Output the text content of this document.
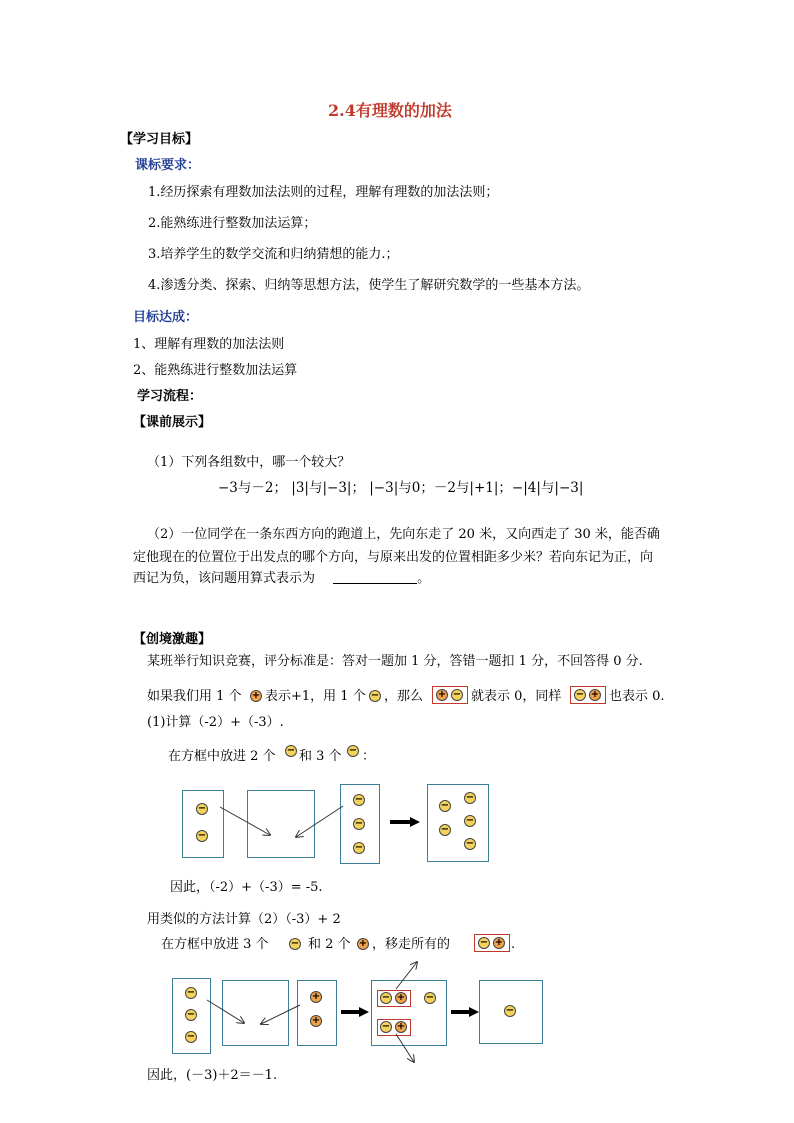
2.4有理数的加法
【学习目标】
课标要求：
1.经历探索有理数加法法则的过程，理解有理数的加法法则；
2.能熟练进行整数加法运算；
3.培养学生的数学交流和归纳猜想的能力.；
4.渗透分类、探索、归纳等思想方法，使学生了解研究数学的一些基本方法。
目标达成：
1、理解有理数的加法法则
2、能熟练进行整数加法运算
学习流程：
【课前展示】
（1）下列各组数中，哪一个较大？
−3与－2； |3|与|−3|； |−3|与0；－2与|+1|；−|4|与|−3|
（2）一位同学在一条东西方向的跑道上，先向东走了 20 米，又向西走了 30 米，能否确
定他现在的位置位于出发点的哪个方向，与原来出发的位置相距多少米？若向东记为正，向
西记为负，该问题用算式表示为	。
【创境激趣】
某班举行知识竞赛，评分标准是：答对一题加 1 分，答错一题扣 1 分，不回答得 0 分.
如果我们用 1 个 + 表示+1，用 1 个 − ，那么 + − 就表示 0，同样 − + 也表示 0.
(1)计算（-2）+（-3）.
在方框中放进 2 个 − 和 3 个 − ：
−
−
−
−
−
−
−
−
−
−
因此，（-2）+（-3）= -5.
用类似的方法计算（2）（-3）+ 2
在方框中放进 3 个 − 和 2 个 + ，移走所有的	− + .
−
−
−
+
+
− + −
− +
−
因此，(－3)＋2＝－1.
